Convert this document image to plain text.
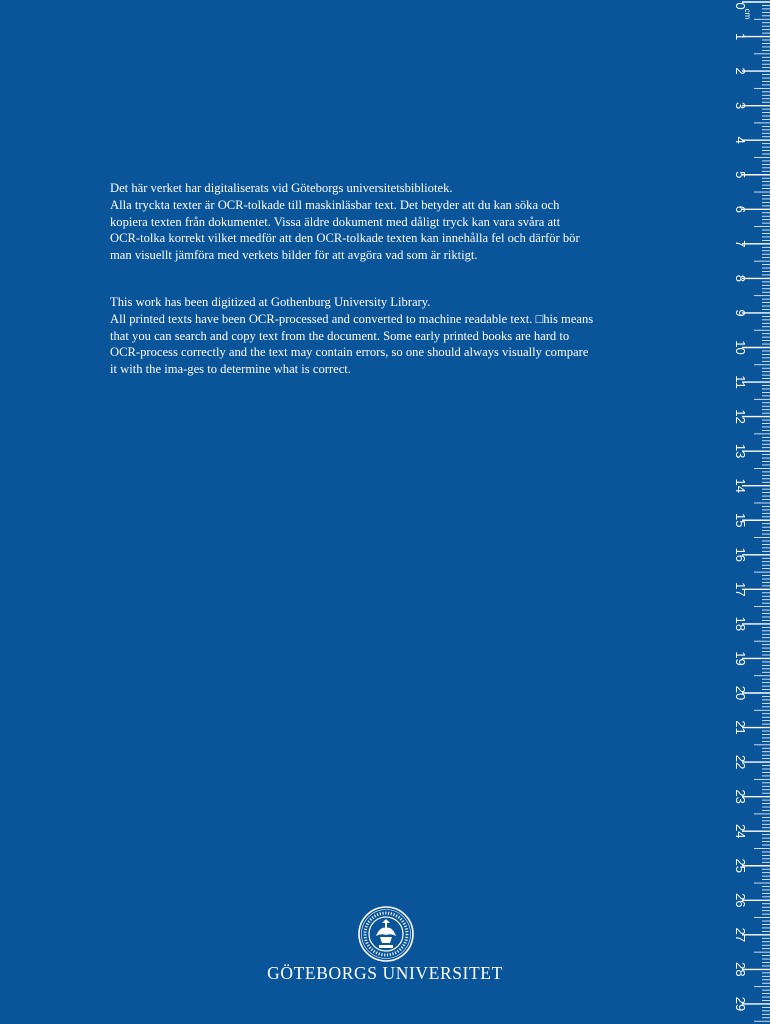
Det här verket har digitaliserats vid Göteborgs universitetsbibliotek.
Alla tryckta texter är OCR-tolkade till maskinläsbar text. Det betyder att du kan söka och
kopiera texten från dokumentet. Vissa äldre dokument med dåligt tryck kan vara svåra att
OCR-tolka korrekt vilket medför att den OCR-tolkade texten kan innehålla fel och därför bör
man visuellt jämföra med verkets bilder för att avgöra vad som är riktigt.
This work has been digitized at Gothenburg University Library.
All printed texts have been OCR-processed and converted to machine readable text. □his means
that you can search and copy text from the document. Some early printed books are hard to
OCR-process correctly and the text may contain errors, so one should always visually compare
it with the ima-ges to determine what is correct.
GÖTEBORGS UNIVERSITET
0
1
2
3
4
5
6
7
8
9
10
11
12
13
14
15
16
17
18
19
20
21
22
23
24
25
26
27
28
29
cm
